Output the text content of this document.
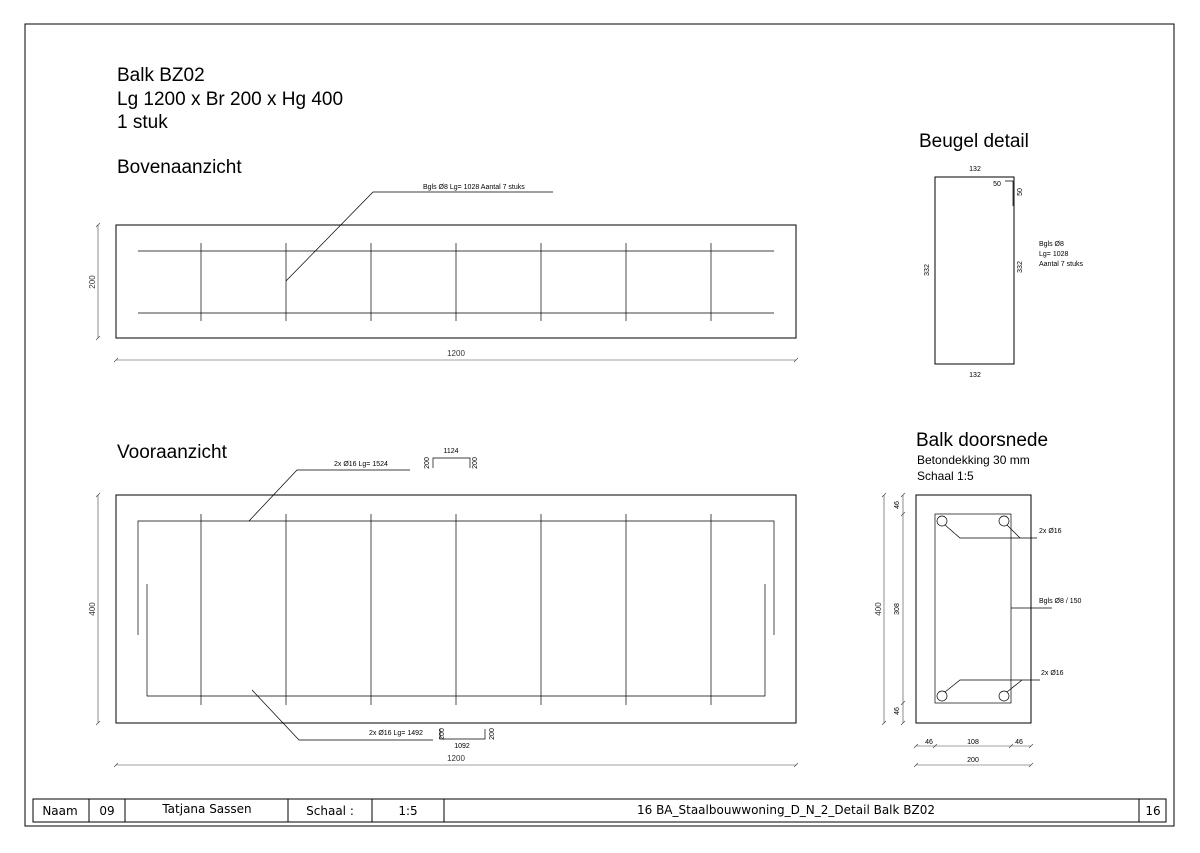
Balk BZ02
Lg 1200 x Br 200 x Hg 400
1 stuk
Bovenaanzicht
Bgls Ø8 Lg= 1028 Aantal 7 stuks
1200
200
Vooraanzicht
2x Ø16 Lg= 1524
1124
200	200
2x Ø16 Lg= 1492
1092
200	200
1200
400
Beugel detail
132
132
50
50
332	332
Bgls Ø8
Lg= 1028
Aantal 7 stuks
Balk doorsnede
Betondekking 30 mm
Schaal 1:5
2x Ø16
Bgls Ø8 / 150
2x Ø16
400
46
308
46
46	108	46
200
Naam 09	Tatjana Sassen	Schaal :	1:5	16 BA_Staalbouwwoning_D_N_2_Detail Balk BZ02	16
